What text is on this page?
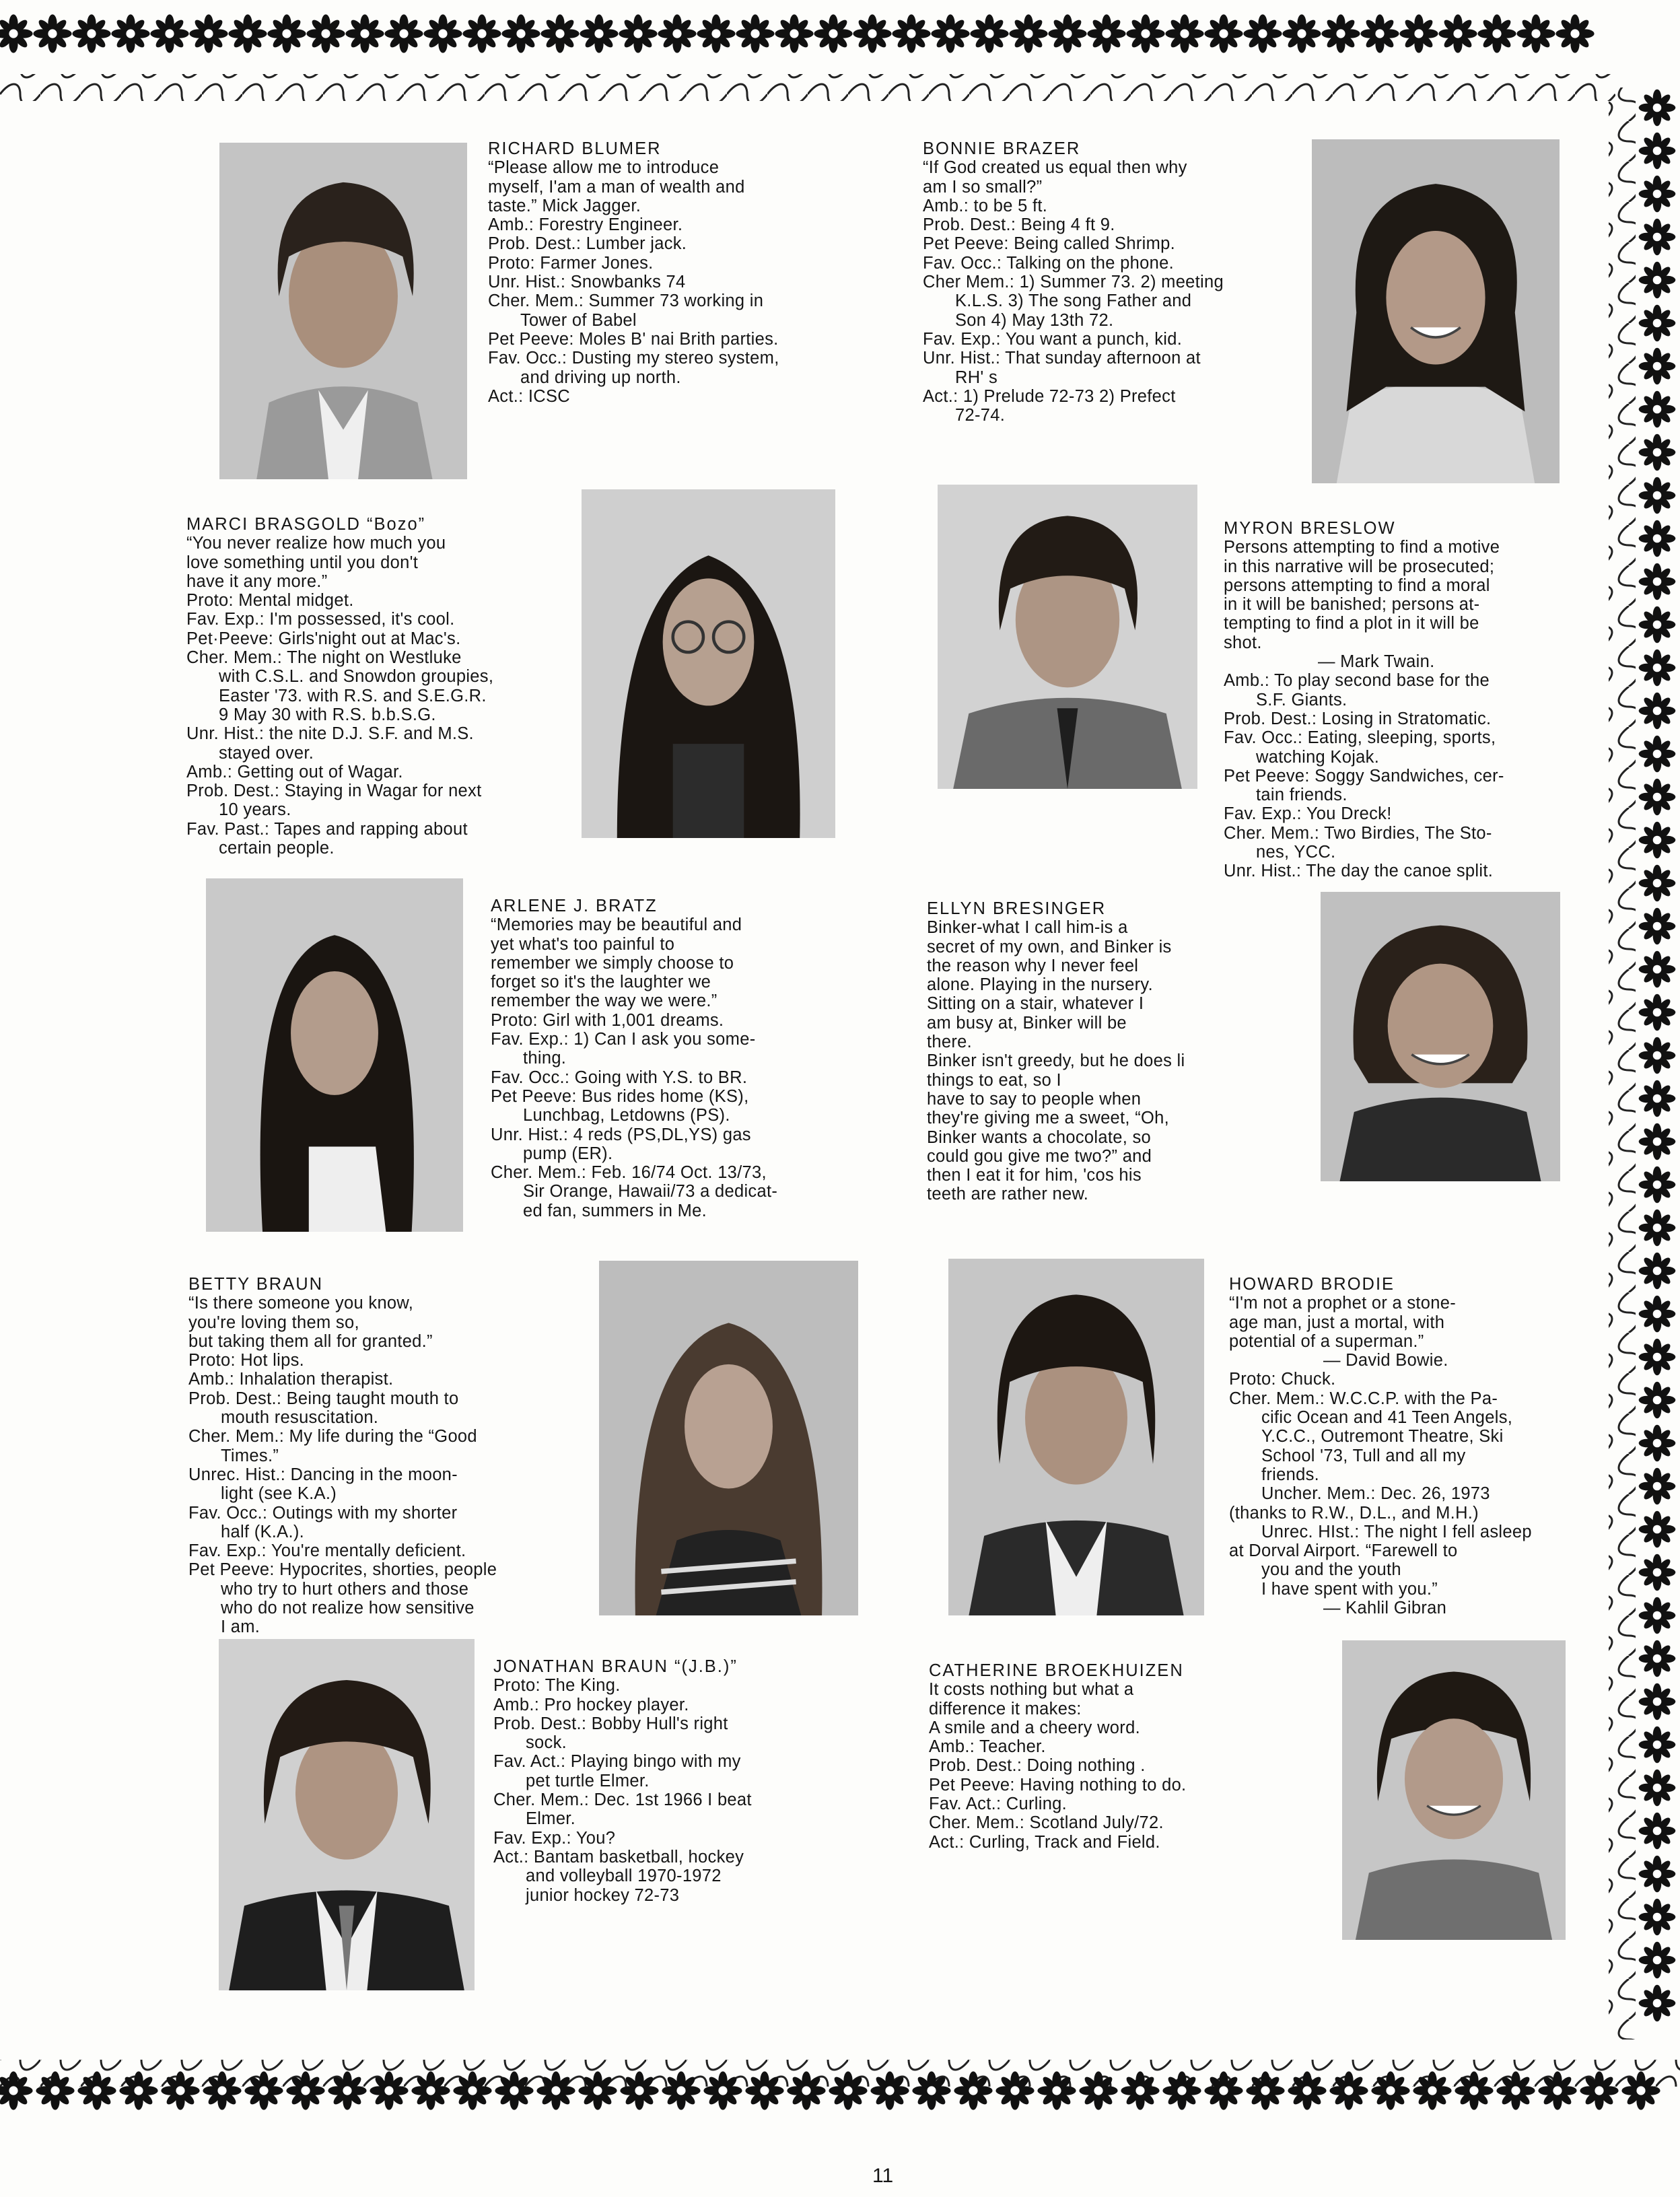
RICHARD BLUMER
“Please allow me to introduce
myself, I'am a man of wealth and
taste.” Mick Jagger.
Amb.: Forestry Engineer.
Prob. Dest.: Lumber jack.
Proto: Farmer Jones.
Unr. Hist.: Snowbanks 74
Cher. Mem.: Summer 73 working in
Tower of Babel
Pet Peeve: Moles B' nai Brith parties.
Fav. Occ.: Dusting my stereo system,
and driving up north.
Act.: ICSC
BONNIE BRAZER
“If God created us equal then why
am I so small?”
Amb.: to be 5 ft.
Prob. Dest.: Being 4 ft 9.
Pet Peeve: Being called Shrimp.
Fav. Occ.: Talking on the phone.
Cher Mem.: 1) Summer 73. 2) meeting
K.L.S. 3) The song Father and
Son 4) May 13th 72.
Fav. Exp.: You want a punch, kid.
Unr. Hist.: That sunday afternoon at
RH' s
Act.: 1) Prelude 72-73 2) Prefect
72-74.
MARCI BRASGOLD “Bozo”
“You never realize how much you
love something until you don't
have it any more.”
Proto: Mental midget.
Fav. Exp.: I'm possessed, it's cool.
Pet·Peeve: Girls'night out at Mac's.
Cher. Mem.: The night on Westluke
with C.S.L. and Snowdon groupies,
Easter '73. with R.S. and S.E.G.R.
9 May 30 with R.S. b.b.S.G.
Unr. Hist.: the nite D.J. S.F. and M.S.
stayed over.
Amb.: Getting out of Wagar.
Prob. Dest.: Staying in Wagar for next
10 years.
Fav. Past.: Tapes and rapping about
certain people.
MYRON BRESLOW
Persons attempting to find a motive
in this narrative will be prosecuted;
persons attempting to find a moral
in it will be banished; persons at-
tempting to find a plot in it will be
shot.
— Mark Twain.
Amb.: To play second base for the
S.F. Giants.
Prob. Dest.: Losing in Stratomatic.
Fav. Occ.: Eating, sleeping, sports,
watching Kojak.
Pet Peeve: Soggy Sandwiches, cer-
tain friends.
Fav. Exp.: You Dreck!
Cher. Mem.: Two Birdies, The Sto-
nes, YCC.
Unr. Hist.: The day the canoe split.
ARLENE J. BRATZ
“Memories may be beautiful and
yet what's too painful to
remember we simply choose to
forget so it's the laughter we
remember the way we were.”
Proto: Girl with 1,001 dreams.
Fav. Exp.: 1) Can I ask you some-
thing.
Fav. Occ.: Going with Y.S. to BR.
Pet Peeve: Bus rides home (KS),
Lunchbag, Letdowns (PS).
Unr. Hist.: 4 reds (PS,DL,YS) gas
pump (ER).
Cher. Mem.: Feb. 16/74 Oct. 13/73,
Sir Orange, Hawaii/73 a dedicat-
ed fan, summers in Me.
ELLYN BRESINGER
Binker-what I call him-is a
secret of my own, and Binker is
the reason why I never feel
alone. Playing in the nursery.
Sitting on a stair, whatever I
am busy at, Binker will be
there.
Binker isn't greedy, but he does li
things to eat, so I
have to say to people when
they're giving me a sweet, “Oh,
Binker wants a chocolate, so
could gou give me two?” and
then I eat it for him, 'cos his
teeth are rather new.
BETTY BRAUN
“Is there someone you know,
you're loving them so,
but taking them all for granted.”
Proto: Hot lips.
Amb.: Inhalation therapist.
Prob. Dest.: Being taught mouth to
mouth resuscitation.
Cher. Mem.: My life during the “Good
Times.”
Unrec. Hist.: Dancing in the moon-
light (see K.A.)
Fav. Occ.: Outings with my shorter
half (K.A.).
Fav. Exp.: You're mentally deficient.
Pet Peeve: Hypocrites, shorties, people
who try to hurt others and those
who do not realize how sensitive
I am.
HOWARD BRODIE
“I'm not a prophet or a stone-
age man, just a mortal, with
potential of a superman.”
— David Bowie.
Proto: Chuck.
Cher. Mem.: W.C.C.P. with the Pa-
cific Ocean and 41 Teen Angels,
Y.C.C., Outremont Theatre, Ski
School '73, Tull and all my
friends.
Uncher. Mem.: Dec. 26, 1973
(thanks to R.W., D.L., and M.H.)
Unrec. HIst.: The night I fell asleep
at Dorval Airport. “Farewell to
you and the youth
I have spent with you.”
— Kahlil Gibran
JONATHAN BRAUN “(J.B.)”
Proto: The King.
Amb.: Pro hockey player.
Prob. Dest.: Bobby Hull's right
sock.
Fav. Act.: Playing bingo with my
pet turtle Elmer.
Cher. Mem.: Dec. 1st 1966 I beat
Elmer.
Fav. Exp.: You?
Act.: Bantam basketball, hockey
and volleyball 1970-1972
junior hockey 72-73
CATHERINE BROEKHUIZEN
It costs nothing but what a
difference it makes:
A smile and a cheery word.
Amb.: Teacher.
Prob. Dest.: Doing nothing .
Pet Peeve: Having nothing to do.
Fav. Act.: Curling.
Cher. Mem.: Scotland July/72.
Act.: Curling, Track and Field.
11
